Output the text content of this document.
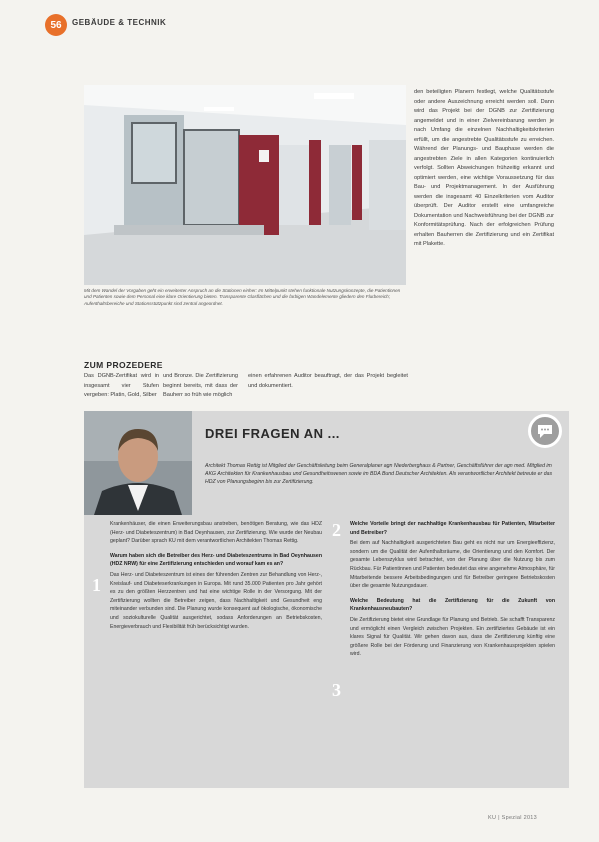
56	GEBÄUDE & TECHNIK
Mit dem Wandel der Vorgaben geht ein erweiterter Anspruch an die Stationen einher: Im Mittelpunkt stehen funktionale Nutzungskonzepte, die Patientinnen und Patienten sowie dem Personal eine klare Orientierung bieten. Transparente Glasflächen und die farbigen Wandelemente gliedern den Flurbereich; Aufenthaltsbereiche und Stationsstützpunkt sind zentral angeordnet.
ZUM PROZEDERE
Das DGNB-Zertifikat wird in insgesamt vier Stufen vergeben: Platin, Gold, Silber
und Bronze. Die Zertifizierung beginnt bereits, mit dass der Bauherr so früh wie möglich
einen erfahrenen Auditor beauftragt, der das Projekt begleitet und dokumentiert.
den beteiligten Planern festlegt, welche Qualitätsstufe oder andere Auszeichnung erreicht werden soll. Dann wird das Projekt bei der DGNB zur Zertifizierung angemeldet und in einer Zielvereinbarung werden je nach Umfang die einzelnen Nachhaltigkeitskriterien erfüllt, um die angestrebte Qualitätsstufe zu erreichen. Während der Planungs- und Bauphase werden die angestrebten Ziele in allen Kategorien kontinuierlich verfolgt. Sollten Abweichungen frühzeitig erkannt und optimiert werden, eine wichtige Voraussetzung für das Bau- und Projektmanagement. In der Ausführung werden die insgesamt 40 Einzelkriterien vom Auditor überprüft. Der Auditor erstellt eine umfangreiche Dokumentation und Nachweisführung bei der DGNB zur Konformitätsprüfung. Nach der erfolgreichen Prüfung erhalten Bauherren die Zertifizierung und ein Zertifikat mit Plakette.
DREI FRAGEN AN ...
Architekt Thomas Rettig ist Mitglied der Geschäftsleitung beim Generalplaner agn Niederberghaus & Partner, Geschäftsführer der agn med. Mitglied im AKG Architekten für Krankenhausbau und Gesundheitswesen sowie im BDA Bund Deutscher Architekten. Als verantwortlicher Architekt betreute er das HDZ von Planungsbeginn bis zur Zertifizierung.
1
2
3
Krankenhäuser, die einen Erweiterungsbau anstreben, benötigen Beratung, wie das HDZ (Herz- und Diabeteszentrum) in Bad Oeynhausen, zur Zertifizierung. Wie wurde der Neubau geplant? Darüber sprach KU mit dem verantwortlichen Architekten Thomas Rettig.
Warum haben sich die Betreiber des Herz- und Diabeteszentrums in Bad Oeynhausen (HDZ NRW) für eine Zertifizierung entschieden und worauf kam es an?
Das Herz- und Diabeteszentrum ist eines der führenden Zentren zur Behandlung von Herz-, Kreislauf- und Diabeteserkrankungen in Europa. Mit rund 35.000 Patienten pro Jahr gehört es zu den größten Herzzentren und hat eine wichtige Rolle in der Versorgung. Mit der Zertifizierung wollten die Betreiber zeigen, dass Nachhaltigkeit und Gesundheit eng miteinander verbunden sind. Die Planung wurde konsequent auf ökologische, ökonomische und soziokulturelle Qualität ausgerichtet, sodass Anforderungen an Betriebskosten, Energieverbrauch und Flexibilität früh berücksichtigt wurden.
Welche Vorteile bringt der nachhaltige Krankenhausbau für Patienten, Mitarbeiter und Betreiber?
Bei dem auf Nachhaltigkeit ausgerichteten Bau geht es nicht nur um Energieeffizienz, sondern um die Qualität der Aufenthaltsräume, die Orientierung und den Komfort. Der gesamte Lebenszyklus wird betrachtet, von der Planung über die Nutzung bis zum Rückbau. Für Patientinnen und Patienten bedeutet das eine angenehme Atmosphäre, für Mitarbeitende bessere Arbeitsbedingungen und für Betreiber geringere Betriebskosten über die gesamte Nutzungsdauer.
Welche Bedeutung hat die Zertifizierung für die Zukunft von Krankenhausneubauten?
Die Zertifizierung bietet eine Grundlage für Planung und Betrieb. Sie schafft Transparenz und ermöglicht einen Vergleich zwischen Projekten. Ein zertifiziertes Gebäude ist ein klares Signal für Qualität. Wir gehen davon aus, dass die Zertifizierung künftig eine größere Rolle bei der Förderung und Finanzierung von Krankenhausprojekten spielen wird.
KU | Spezial 2013
